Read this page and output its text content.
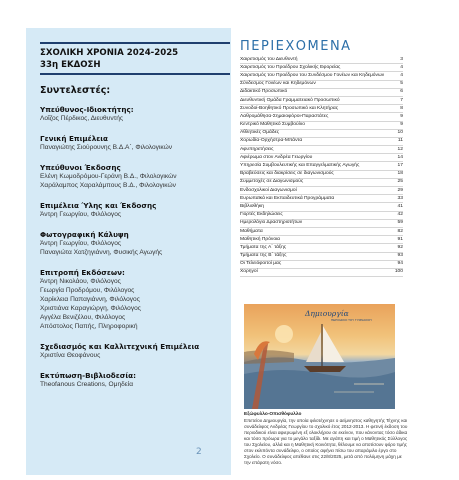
ΣΧΟΛΙΚΗ ΧΡΟΝΙΑ 2024-2025
33η ΕΚΔΟΣΗ
Συντελεστές:
Υπεύθυνος-Ιδιοκτήτης:
Λοΐζος Πέρδικος, Διευθυντής
Γενική Επιμέλεια
Παναγιώτης Σιούρουνης Β.Δ.Α΄, Φιλολογικών
Υπεύθυνοι Έκδοσης
Ελένη Κωμοδρόμου-Γεράνη Β.Δ., Φιλολογικών
Χαράλαμπος Χαραλάμπους Β.Δ., Φιλολογικών
Επιμέλεια Ύλης και Έκδοσης
Άντρη Γεωργίου, Φιλόλογος
Φωτογραφική Κάλυψη
Άντρη Γεωργίου, Φιλόλογος
Παναγιώτα Χατζηγιάννη, Φυσικής Αγωγής
Επιτροπή Εκδόσεων:
Άντρη Νικολάου, Φιλόλογος
Γεωργία Προδρόμου, Φιλόλογος
Χαρίκλεια Παπαγιάννη, Φιλόλογος
Χριστιάνα Καραγιώργη, Φιλόλογος
Αγγέλα Βενιζέλου, Φιλόλογος
Απόστολος Παπής, Πληροφορική
Σχεδιασμός και Καλλιτεχνική Επιμέλεια
Χριστίνα Θεοφάνους
Εκτύπωση-Βιβλιοδεσία:
Theofanous Creations, Ομηδεία
2
ΠΕΡΙΕΧΟΜΕΝΑ
Χαιρετισμός του Διευθυντή	3
Χαιρετισμός του Προέδρου Σχολικής Εφορείας	4
Χαιρετισμός του Προέδρου του Συνδέσμου Γονέων και Κηδεμόνων	4
Σύνδεσμος Γονέων και Κηδεμόνων	5
Διδακτικό Προσωπικό	6
Διευθυντική Ομάδα Γραμματειακό Προσωπικό	7
Συνοδοί-Βοηθητικό Προσωπικό και Κλητήρας	8
Λαθρομάθησα-Σημαιοφόροι-Παραστάτες	9
Κεντρικό Μαθητικό Συμβούλιο	9
Αθλητικές Ομάδες	10
Χορωδία-Ορχήστρα-Μπάντα	11
Αφυπηρετήσεις	12
Αφιέρωμα στον Ανδρέα Γεωργίου	14
Υπηρεσία Συμβουλευτικής και Επαγγελματικής Αγωγής	17
Βραβεύσεις και διακρίσεις σε διαγωνισμούς	18
Συμμετοχές σε Διαγωνισμούς	25
Ενδοσχολικοί Διαγωνισμοί	29
Ευρωπαϊκά και Εκπαιδευτικά Προγράμματα	33
Βιβλιοθήκη	41
Γιορτές Εκδηλώσεις	42
Ημερολόγιο Δραστηριοτήτων	59
Μαθήματα	82
Μαθητική Πρόνοια	91
Τμήματα της Α΄ τάξης	92
Τμήματα της Β΄ τάξης	93
Οι Τελειόφοιτοί μας	94
Χορηγοί	100
Δημιουργία
ΠΕΡΙΟΔΙΚΟ ΤΟΥ ΓΥΜΝΑΣΙΟΥ
Εξώφυλλο-Οπισθόφυλλο
Επετείου Δημιουργία, την οποία φιλοτέχνησε ο αείμνηστος καθηγητής Τέχνης και συνάδελφος Ανδρέας Γεωργίου το σχολικό έτος 2012-2013. Η φετινή έκδοση του περιοδικού είναι αφιερωμένη εξ ολοκλήρου σε εκείνον, που κάνοντας τόσο άδικα και τόσο πρόωρα για το μεγάλο ταξίδι. Με αγάπη και τιμή ο Μαθητικός Σύλλογος του Σχολείου, αλλά και η Μαθητική Κοινότητα, θέλουμε να αποτίσουν φόρο τιμής στον εκλιπόντα συνάδελφο, ο οποίος αφήνει πίσω του απαράμιλο έργο στο Σχολείο. Ο συνάδελφος απέθανε στις 22/8/2025, μετά από πολύμηνη μάχη με την επάρατη νόσο.
